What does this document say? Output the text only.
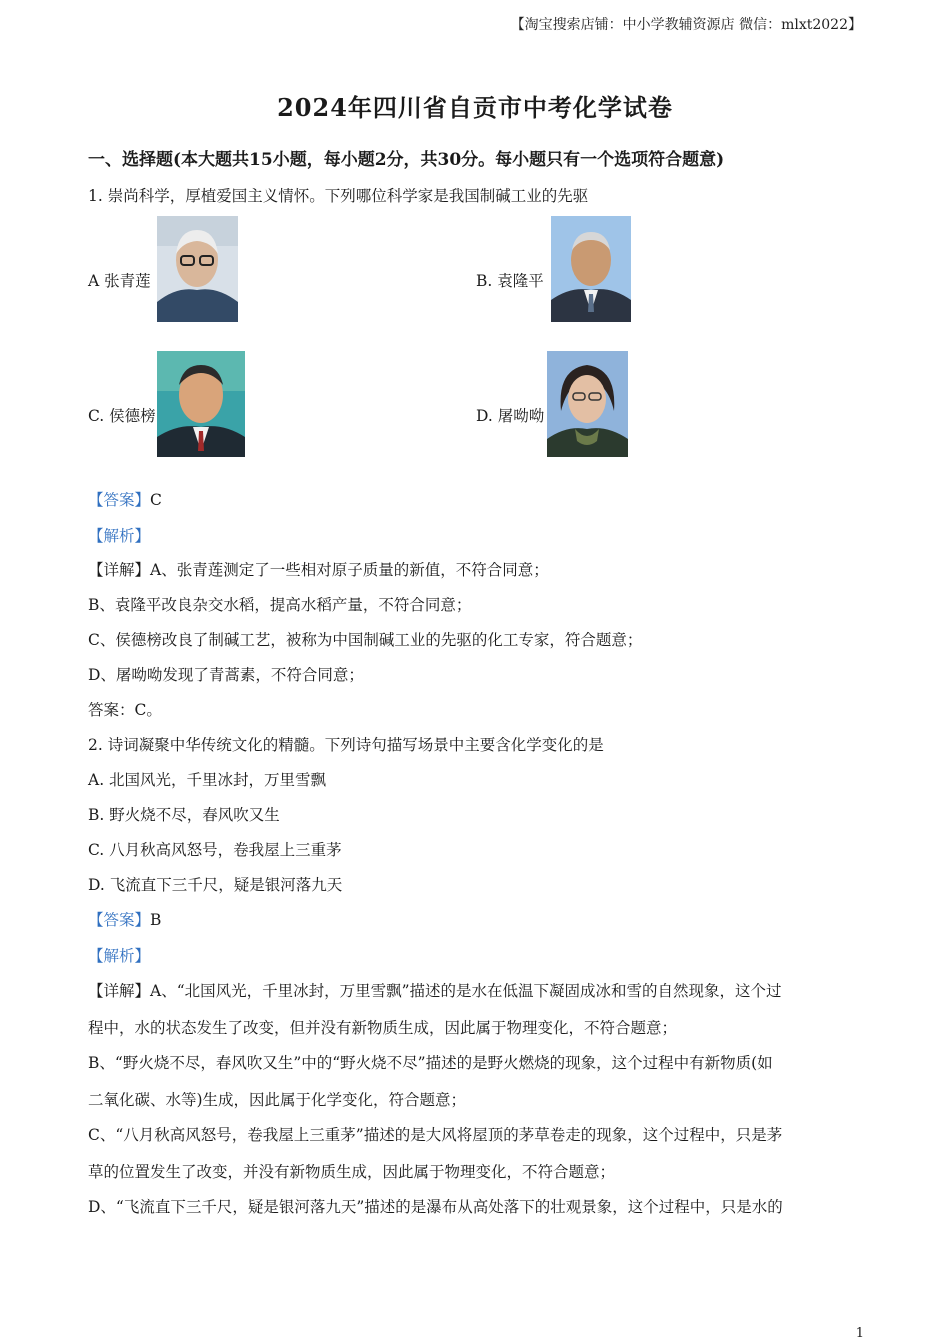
【淘宝搜索店铺：中小学教辅资源店 微信：mlxt2022】
2024年四川省自贡市中考化学试卷
一、选择题(本大题共15小题，每小题2分，共30分。每小题只有一个选项符合题意)
1. 崇尚科学，厚植爱国主义情怀。下列哪位科学家是我国制碱工业的先驱
A 张青莲	B. 袁隆平
C. 侯德榜	D. 屠呦呦
【答案】C
【解析】
【详解】A、张青莲测定了一些相对原子质量的新值，不符合同意；
B、袁隆平改良杂交水稻，提高水稻产量，不符合同意；
C、侯德榜改良了制碱工艺，被称为中国制碱工业的先驱的化工专家，符合题意；
D、屠呦呦发现了青蒿素，不符合同意；
答案：C。
2. 诗词凝聚中华传统文化的精髓。下列诗句描写场景中主要含化学变化的是
A. 北国风光，千里冰封，万里雪飘
B. 野火烧不尽，春风吹又生
C. 八月秋高风怒号，卷我屋上三重茅
D. 飞流直下三千尺，疑是银河落九天
【答案】B
【解析】
【详解】A、“北国风光，千里冰封，万里雪飘”描述的是水在低温下凝固成冰和雪的自然现象，这个过
程中，水的状态发生了改变，但并没有新物质生成，因此属于物理变化，不符合题意；
B、“野火烧不尽，春风吹又生”中的“野火烧不尽”描述的是野火燃烧的现象，这个过程中有新物质(如
二氧化碳、水等)生成，因此属于化学变化，符合题意；
C、“八月秋高风怒号，卷我屋上三重茅”描述的是大风将屋顶的茅草卷走的现象，这个过程中，只是茅
草的位置发生了改变，并没有新物质生成，因此属于物理变化，不符合题意；
D、“飞流直下三千尺，疑是银河落九天”描述的是瀑布从高处落下的壮观景象，这个过程中，只是水的
1
